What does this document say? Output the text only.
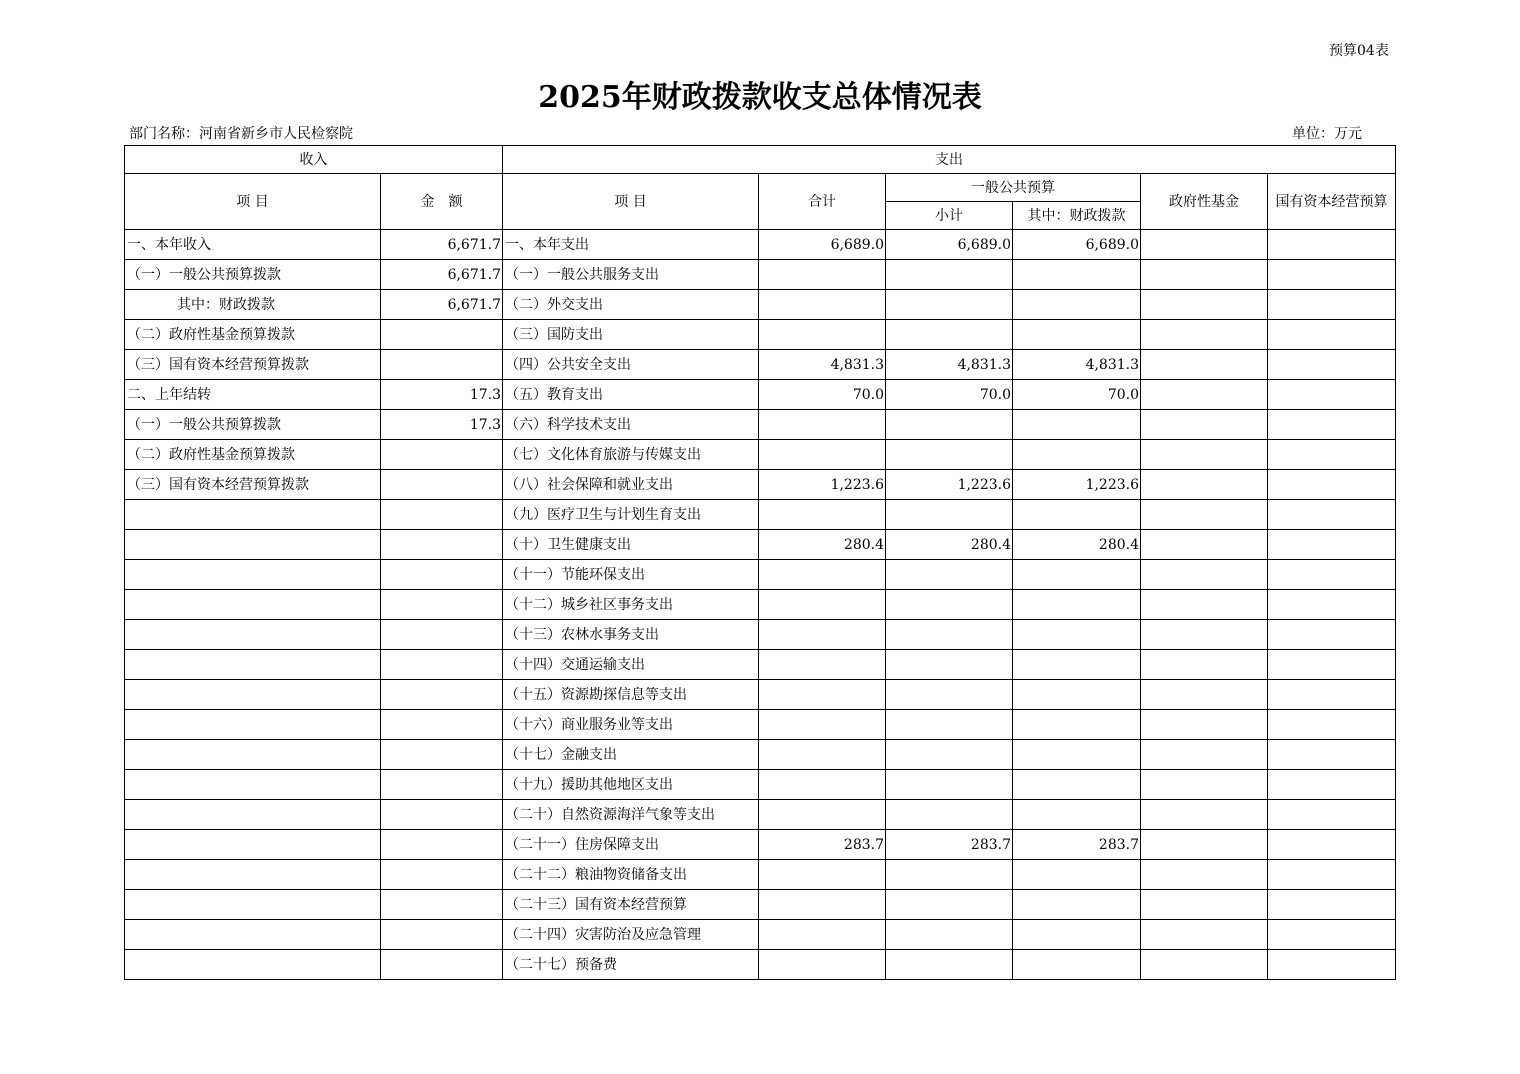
预算04表
2025年财政拨款收支总体情况表
部门名称：河南省新乡市人民检察院	单位：万元
收入		支出					
项 目	金　额	项 目	合计	一般公共预算		政府性基金	国有资本经营预算
				小计	其中：财政拨款		
一、本年收入	6,671.7	一、本年支出	6,689.0	6,689.0	6,689.0		
（一）一般公共预算拨款	6,671.7	（一）一般公共服务支出					
其中：财政拨款	6,671.7	（二）外交支出					
（二）政府性基金预算拨款		（三）国防支出					
（三）国有资本经营预算拨款		（四）公共安全支出	4,831.3	4,831.3	4,831.3		
二、上年结转	17.3	（五）教育支出	70.0	70.0	70.0		
（一）一般公共预算拨款	17.3	（六）科学技术支出					
（二）政府性基金预算拨款		（七）文化体育旅游与传媒支出					
（三）国有资本经营预算拨款		（八）社会保障和就业支出	1,223.6	1,223.6	1,223.6		
		（九）医疗卫生与计划生育支出					
		（十）卫生健康支出	280.4	280.4	280.4		
		（十一）节能环保支出					
		（十二）城乡社区事务支出					
		（十三）农林水事务支出					
		（十四）交通运输支出					
		（十五）资源勘探信息等支出					
		（十六）商业服务业等支出					
		（十七）金融支出					
		（十九）援助其他地区支出					
		（二十）自然资源海洋气象等支出					
		（二十一）住房保障支出	283.7	283.7	283.7		
		（二十二）粮油物资储备支出					
		（二十三）国有资本经营预算					
		（二十四）灾害防治及应急管理					
		（二十七）预备费					
